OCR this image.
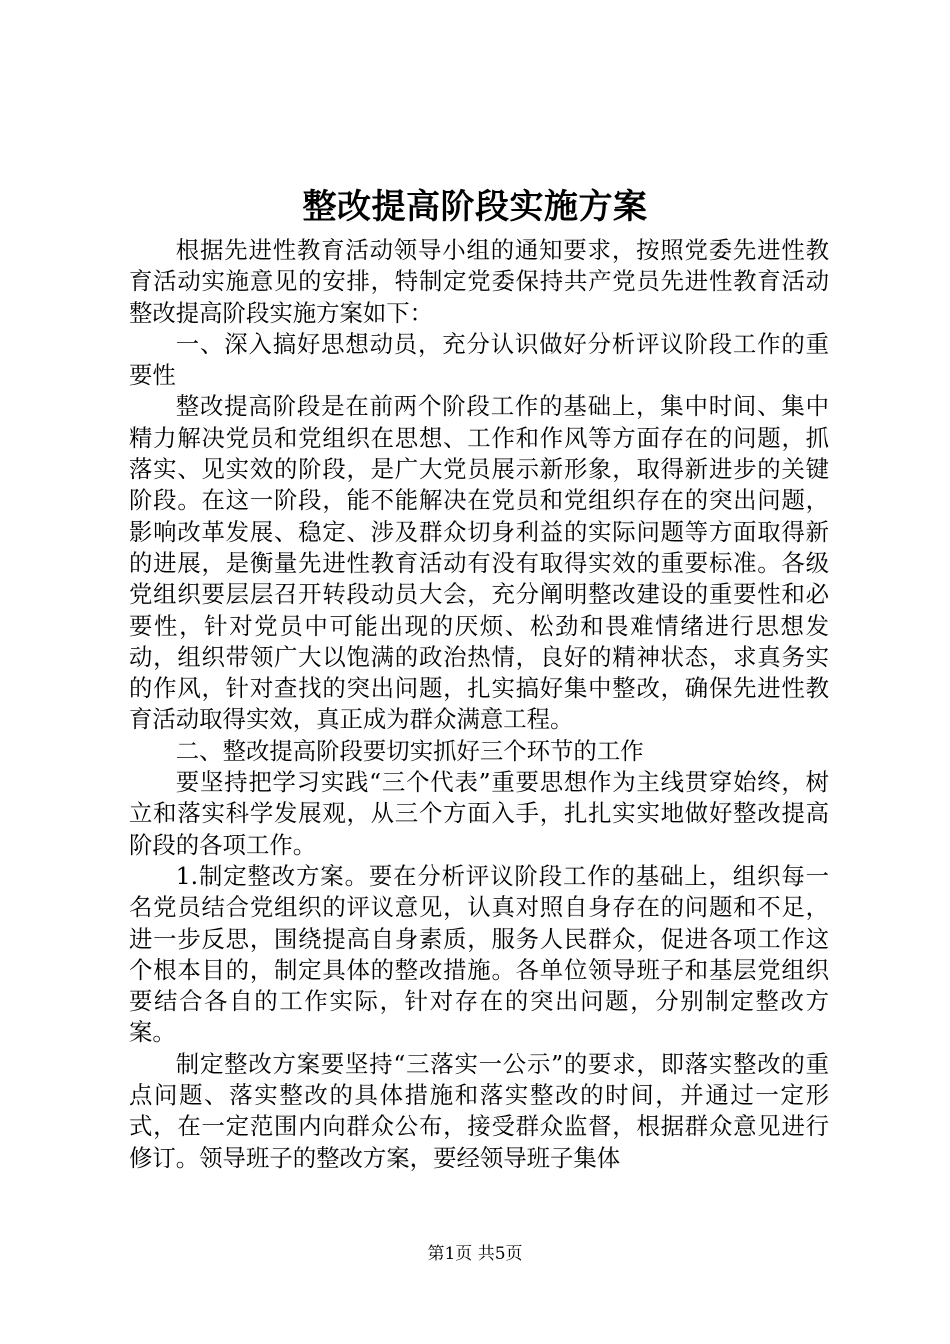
整改提高阶段实施方案

根据先进性教育活动领导小组的通知要求，按照党委先进性教育活动实施意见的安排，特制定党委保持共产党员先进性教育活动整改提高阶段实施方案如下：

一、深入搞好思想动员，充分认识做好分析评议阶段工作的重要性

整改提高阶段是在前两个阶段工作的基础上，集中时间、集中精力解决党员和党组织在思想、工作和作风等方面存在的问题，抓落实、见实效的阶段，是广大党员展示新形象，取得新进步的关键阶段。在这一阶段，能不能解决在党员和党组织存在的突出问题，影响改革发展、稳定、涉及群众切身利益的实际问题等方面取得新的进展，是衡量先进性教育活动有没有取得实效的重要标准。各级党组织要层层召开转段动员大会，充分阐明整改建设的重要性和必要性，针对党员中可能出现的厌烦、松劲和畏难情绪进行思想发动，组织带领广大以饱满的政治热情，良好的精神状态，求真务实的作风，针对查找的突出问题，扎实搞好集中整改，确保先进性教育活动取得实效，真正成为群众满意工程。

二、整改提高阶段要切实抓好三个环节的工作

要坚持把学习实践“三个代表”重要思想作为主线贯穿始终，树立和落实科学发展观，从三个方面入手，扎扎实实地做好整改提高阶段的各项工作。

1.制定整改方案。要在分析评议阶段工作的基础上，组织每一名党员结合党组织的评议意见，认真对照自身存在的问题和不足，进一步反思，围绕提高自身素质，服务人民群众，促进各项工作这个根本目的，制定具体的整改措施。各单位领导班子和基层党组织要结合各自的工作实际，针对存在的突出问题，分别制定整改方案。

制定整改方案要坚持“三落实一公示”的要求，即落实整改的重点问题、落实整改的具体措施和落实整改的时间，并通过一定形式，在一定范围内向群众公布，接受群众监督，根据群众意见进行修订。领导班子的整改方案，要经领导班子集体

第1页 共5页
